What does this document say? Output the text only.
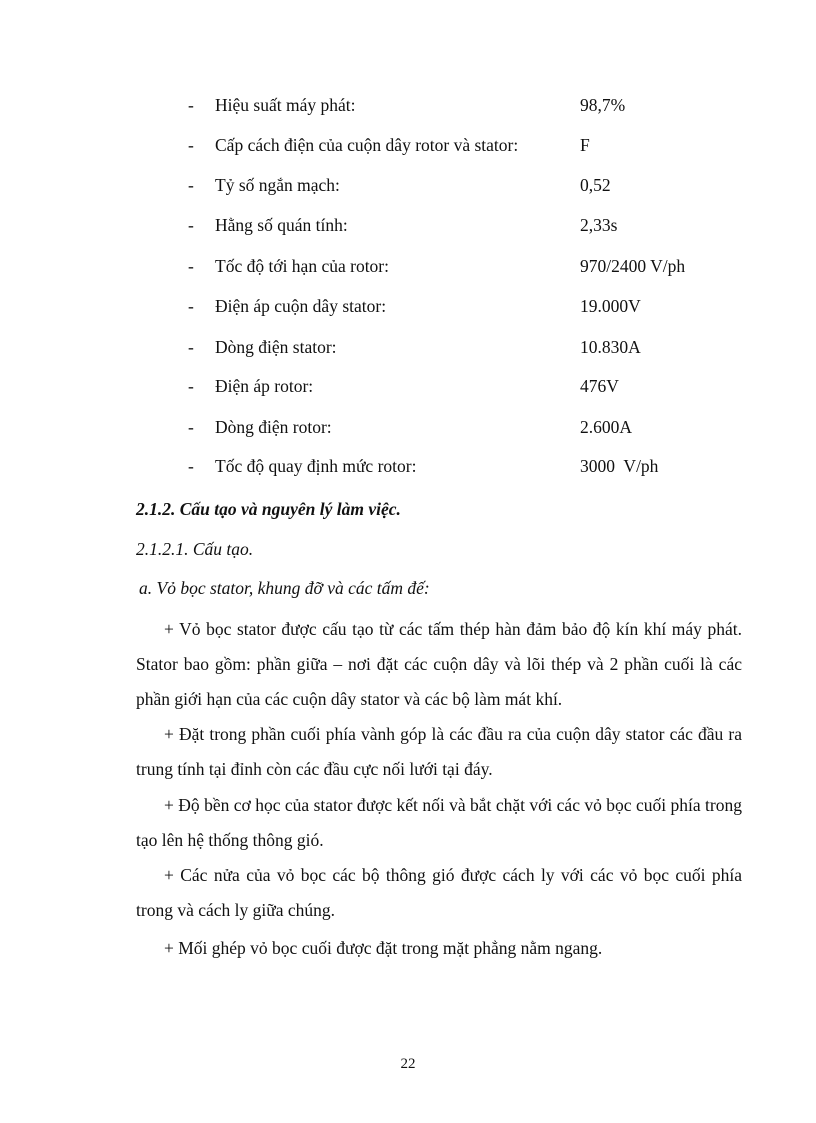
- Hiệu suất máy phát:	98,7%
- Cấp cách điện của cuộn dây rotor và stator:	F
- Tỷ số ngắn mạch:	0,52
- Hằng số quán tính:	2,33s
- Tốc độ tới hạn của rotor:	970/2400 V/ph
- Điện áp cuộn dây stator:	19.000V
- Dòng điện stator:	10.830A
- Điện áp rotor:	476V
- Dòng điện rotor:	2.600A
- Tốc độ quay định mức rotor:	3000  V/ph
2.1.2. Cấu tạo và nguyên lý làm việc.
2.1.2.1. Cấu tạo.
a. Vỏ bọc stator, khung đỡ và các tấm đế:

+ Vỏ bọc stator được cấu tạo từ các tấm thép hàn đảm bảo độ kín khí máy phát. Stator bao gồm: phần giữa – nơi đặt các cuộn dây và lõi thép và 2 phần cuối là các phần giới hạn của các cuộn dây stator và các bộ làm mát khí.

+ Đặt trong phần cuối phía vành góp là các đầu ra của cuộn dây stator các đầu ra trung tính tại đỉnh còn các đầu cực nối lưới tại đáy.

+ Độ bền cơ học của stator được kết nối và bắt chặt với các vỏ bọc cuối phía trong tạo lên hệ thống thông gió.

+ Các nửa của vỏ bọc các bộ thông gió được cách ly với các vỏ bọc cuối phía trong và cách ly giữa chúng.

+ Mối ghép vỏ bọc cuối được đặt trong mặt phẳng nằm ngang.

22
